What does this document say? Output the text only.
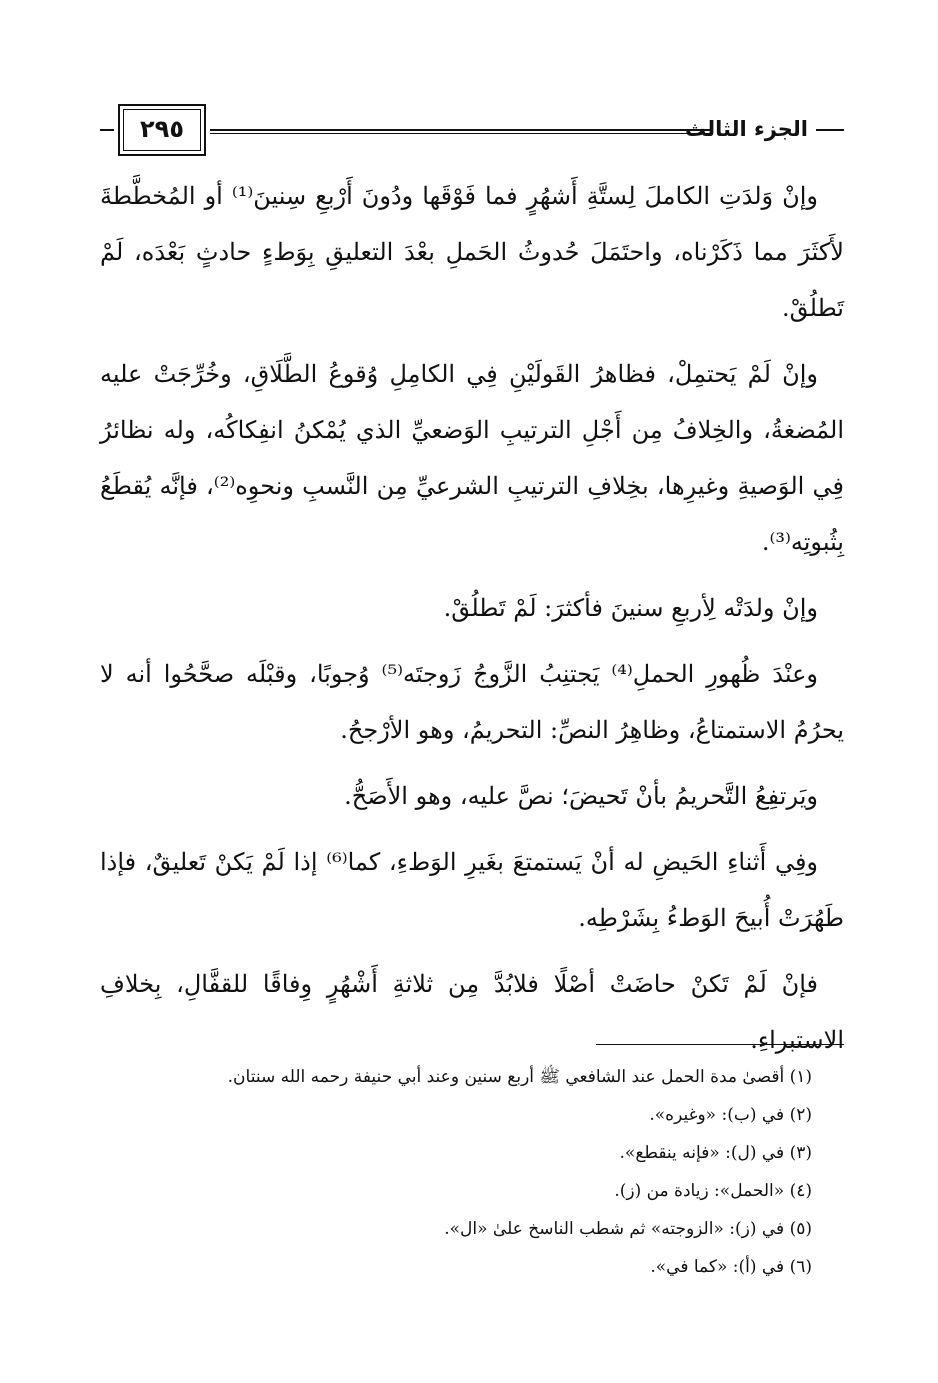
الجزء الثالث
٢٩٥

وإنْ وَلدَتِ الكاملَ لِستَّةِ أَشهُرٍ فما فَوْقَها ودُونَ أَرْبعِ سِنينَ⁽¹⁾ أو المُخطَّطةَ لأَكثَرَ مما ذَكَرْناه، واحتَمَلَ حُدوثُ الحَملِ بعْدَ التعليقِ بِوَطءٍ حادثٍ بَعْدَه، لَمْ تَطلُقْ.

وإنْ لَمْ يَحتمِلْ، فظاهرُ القَولَيْنِ فِي الكامِلِ وُقوعُ الطَّلَاقِ، وخُرِّجَتْ عليه المُضغةُ، والخِلافُ مِن أَجْلِ الترتيبِ الوَضعيِّ الذي يُمْكنُ انفِكاكُه، وله نظائرُ فِي الوَصيةِ وغيرِها، بخِلافِ الترتيبِ الشرعيِّ مِن النَّسبِ ونحوِه⁽²⁾، فإنَّه يُقطَعُ بِثُبوتِه⁽³⁾.

وإنْ ولدَتْه لِأربعِ سنينَ فأكثرَ: لَمْ تَطلُقْ.

وعنْدَ ظُهورِ الحملِ⁽⁴⁾ يَجتنِبُ الزَّوجُ زَوجتَه⁽⁵⁾ وُجوبًا، وقبْلَه صحَّحُوا أنه لا يحرُمُ الاستمتاعُ، وظاهِرُ النصِّ: التحريمُ، وهو الأرْجحُ.

ويَرتفِعُ التَّحريمُ بأنْ تَحيضَ؛ نصَّ عليه، وهو الأَصَحُّ.

وفِي أَثناءِ الحَيضِ له أنْ يَستمتعَ بغَيرِ الوَطءِ، كما⁽⁶⁾ إذا لَمْ يَكنْ تَعليقٌ، فإذا طَهُرَتْ أُبيحَ الوَطءُ بِشَرْطِه.

فإنْ لَمْ تَكنْ حاضَتْ أصْلًا فلابُدَّ مِن ثلاثةِ أَشْهُرٍ وِفاقًا للقفَّالِ، بِخلافِ الاستبراءِ.

(١) أقصىٰ مدة الحمل عند الشافعي ﷺ أربع سنين وعند أبي حنيفة رحمه الله سنتان.

(٢) في (ب): «وغيره».

(٣) في (ل): «فإنه ينقطع».

(٤) «الحمل»: زيادة من (ز).

(٥) في (ز): «الزوجته» ثم شطب الناسخ علىٰ «ال».

(٦) في (أ): «كما في».
